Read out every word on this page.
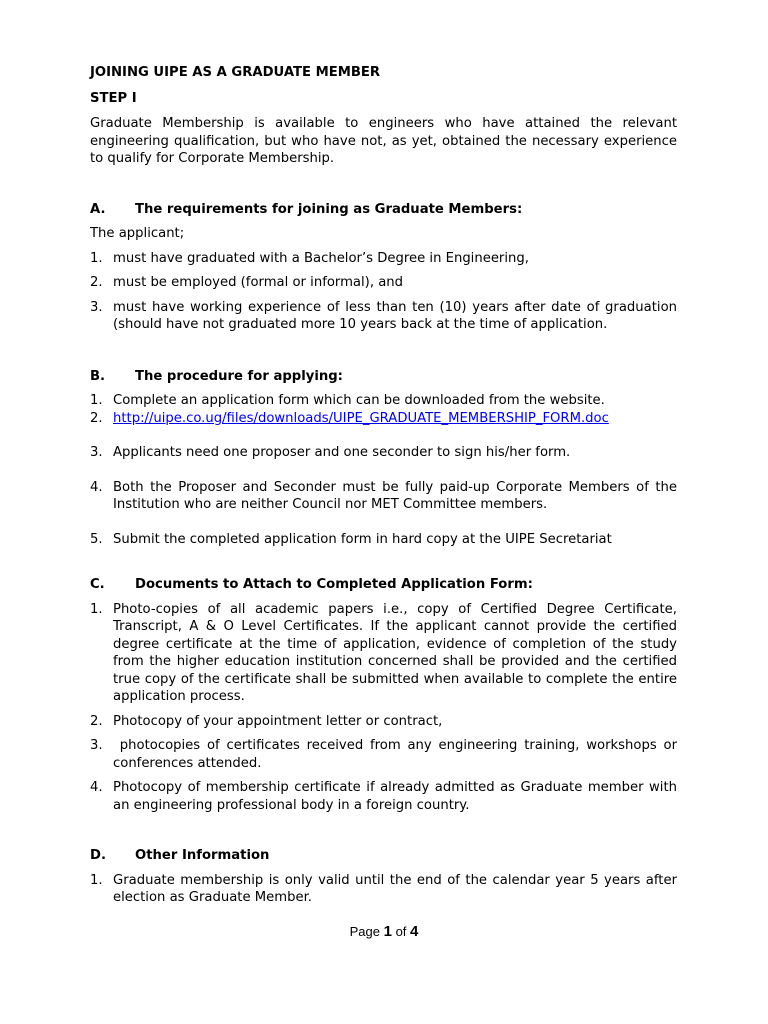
JOINING UIPE AS A GRADUATE MEMBER
STEP I

Graduate Membership is available to engineers who have attained the relevant engineering qualification, but who have not, as yet, obtained the necessary experience to qualify for Corporate Membership.

A.	The requirements for joining as Graduate Members:
The applicant;
1. must have graduated with a Bachelor’s Degree in Engineering,
2. must be employed (formal or informal), and
3. must have working experience of less than ten (10) years after date of graduation (should have not graduated more 10 years back at the time of application.
B.	The procedure for applying:
1. Complete an application form which can be downloaded from the website.
2. http://uipe.co.ug/files/downloads/UIPE_GRADUATE_MEMBERSHIP_FORM.doc
3. Applicants need one proposer and one seconder to sign his/her form.
4. Both the Proposer and Seconder must be fully paid-up Corporate Members of the Institution who are neither Council nor MET Committee members.
5. Submit the completed application form in hard copy at the UIPE Secretariat
C.	Documents to Attach to Completed Application Form:
1. Photo-copies of all academic papers i.e., copy of Certified Degree Certificate, Transcript, A & O Level Certificates. If the applicant cannot provide the certified degree certificate at the time of application, evidence of completion of the study from the higher education institution concerned shall be provided and the certified true copy of the certificate shall be submitted when available to complete the entire application process.
2. Photocopy of your appointment letter or contract,
3. photocopies of certificates received from any engineering training, workshops or conferences attended.
4. Photocopy of membership certificate if already admitted as Graduate member with an engineering professional body in a foreign country.
D.	Other Information
1. Graduate membership is only valid until the end of the calendar year 5 years after election as Graduate Member.
Page 1 of 4
